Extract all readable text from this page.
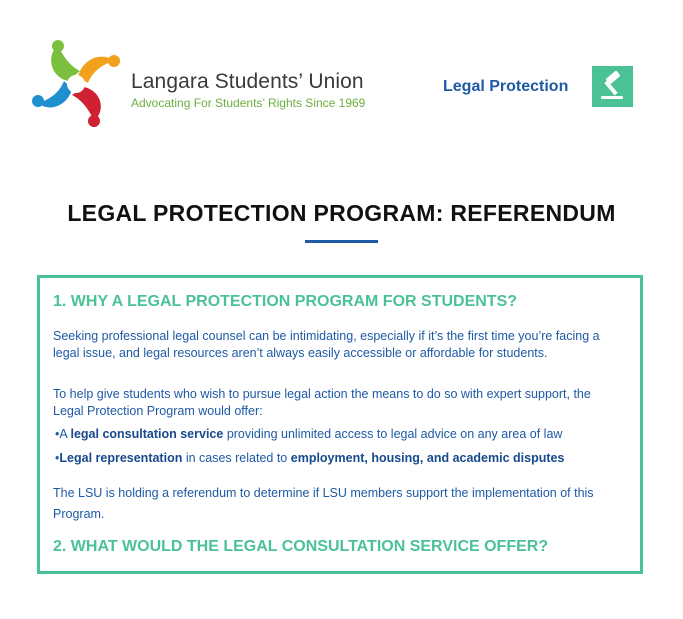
Langara Students’ Union
Advocating For Students’ Rights Since 1969
Legal Protection
LEGAL PROTECTION PROGRAM: REFERENDUM
1. WHY A LEGAL PROTECTION PROGRAM FOR STUDENTS?
Seeking professional legal counsel can be intimidating, especially if it’s the first time you’re facing a legal issue, and legal resources aren’t always easily accessible or affordable for students.
To help give students who wish to pursue legal action the means to do so with expert support, the Legal Protection Program would offer:
•A legal consultation service providing unlimited access to legal advice on any area of law
•Legal representation in cases related to employment, housing, and academic disputes
The LSU is holding a referendum to determine if LSU members support the implementation of this Program.
2. WHAT WOULD THE LEGAL CONSULTATION SERVICE OFFER?
